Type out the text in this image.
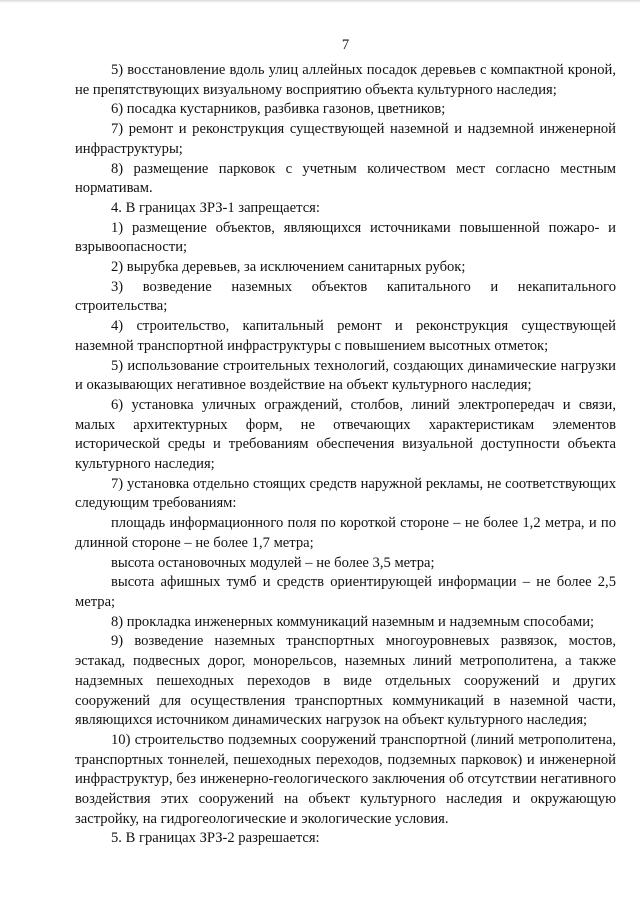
7

5) восстановление вдоль улиц аллейных посадок деревьев с компактной кроной, не препятствующих визуальному восприятию объекта культурного наследия;

6) посадка кустарников, разбивка газонов, цветников;

7) ремонт и реконструкция существующей наземной и надземной инженерной инфраструктуры;

8) размещение парковок с учетным количеством мест согласно местным нормативам.

4. В границах ЗРЗ-1 запрещается:

1) размещение объектов, являющихся источниками повышенной пожаро- и взрывоопасности;

2) вырубка деревьев, за исключением санитарных рубок;

3) возведение наземных объектов капитального и некапитального строительства;

4) строительство, капитальный ремонт и реконструкция существующей наземной транспортной инфраструктуры с повышением высотных отметок;

5) использование строительных технологий, создающих динамические нагрузки и оказывающих негативное воздействие на объект культурного наследия;

6) установка уличных ограждений, столбов, линий электропередач и связи, малых архитектурных форм, не отвечающих характеристикам элементов исторической среды и требованиям обеспечения визуальной доступности объекта культурного наследия;

7) установка отдельно стоящих средств наружной рекламы, не соответствующих следующим требованиям:

площадь информационного поля по короткой стороне – не более 1,2 метра, и по длинной стороне – не более 1,7 метра;

высота остановочных модулей – не более 3,5 метра;

высота афишных тумб и средств ориентирующей информации – не более 2,5 метра;

8) прокладка инженерных коммуникаций наземным и надземным способами;

9) возведение наземных транспортных многоуровневых развязок, мостов, эстакад, подвесных дорог, монорельсов, наземных линий метрополитена, а также надземных пешеходных переходов в виде отдельных сооружений и других сооружений для осуществления транспортных коммуникаций в наземной части, являющихся источником динамических нагрузок на объект культурного наследия;

10) строительство подземных сооружений транспортной (линий метрополитена, транспортных тоннелей, пешеходных переходов, подземных парковок) и инженерной инфраструктур, без инженерно-геологического заключения об отсутствии негативного воздействия этих сооружений на объект культурного наследия и окружающую застройку, на гидрогеологические и экологические условия.

5. В границах ЗРЗ-2 разрешается:
